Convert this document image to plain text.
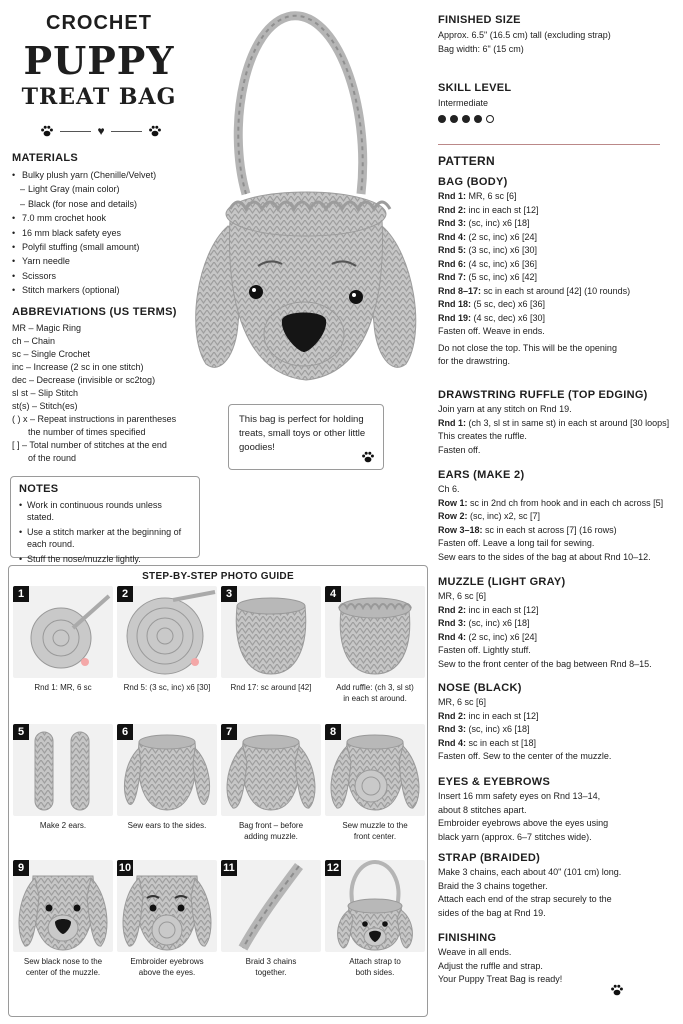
CROCHET
PUPPY
TREAT BAG
♥
MATERIALS
• Bulky plush yarn (Chenille/Velvet)
– Light Gray (main color)
– Black (for nose and details)
• 7.0 mm crochet hook
• 16 mm black safety eyes
• Polyfil stuffing (small amount)
• Yarn needle
• Scissors
• Stitch markers (optional)
ABBREVIATIONS (US TERMS)
MR – Magic Ring
ch – Chain
sc – Single Crochet
inc – Increase (2 sc in one stitch)
dec – Decrease (invisible or sc2tog)
sl st – Slip Stitch
st(s) – Stitch(es)
( ) x – Repeat instructions in parentheses
the number of times specified
[ ] – Total number of stitches at the end
of the round
NOTES
• Work in continuous rounds unless stated.
• Use a stitch marker at the beginning of each round.
• Stuff the nose/muzzle lightly.
This bag is perfect for holding treats, small toys or other little goodies!
FINISHED SIZE
Approx. 6.5" (16.5 cm) tall (excluding strap)
Bag width: 6" (15 cm)
SKILL LEVEL
Intermediate
PATTERN
BAG (BODY)
Rnd 1: MR, 6 sc [6]
Rnd 2: inc in each st [12]
Rnd 3: (sc, inc) x6 [18]
Rnd 4: (2 sc, inc) x6 [24]
Rnd 5: (3 sc, inc) x6 [30]
Rnd 6: (4 sc, inc) x6 [36]
Rnd 7: (5 sc, inc) x6 [42]
Rnd 8–17: sc in each st around [42] (10 rounds)
Rnd 18: (5 sc, dec) x6 [36]
Rnd 19: (4 sc, dec) x6 [30]
Fasten off. Weave in ends.
Do not close the top. This will be the opening
for the drawstring.
DRAWSTRING RUFFLE (TOP EDGING)
Join yarn at any stitch on Rnd 19.
Rnd 1: (ch 3, sl st in same st) in each st around [30 loops]
This creates the ruffle.
Fasten off.
EARS (MAKE 2)
Ch 6.
Row 1: sc in 2nd ch from hook and in each ch across [5]
Row 2: (sc, inc) x2, sc [7]
Row 3–18: sc in each st across [7] (16 rows)
Fasten off. Leave a long tail for sewing.
Sew ears to the sides of the bag at about Rnd 10–12.
MUZZLE (LIGHT GRAY)
MR, 6 sc [6]
Rnd 2: inc in each st [12]
Rnd 3: (sc, inc) x6 [18]
Rnd 4: (2 sc, inc) x6 [24]
Fasten off. Lightly stuff.
Sew to the front center of the bag between Rnd 8–15.
NOSE (BLACK)
MR, 6 sc [6]
Rnd 2: inc in each st [12]
Rnd 3: (sc, inc) x6 [18]
Rnd 4: sc in each st [18]
Fasten off. Sew to the center of the muzzle.
EYES & EYEBROWS
Insert 16 mm safety eyes on Rnd 13–14,
about 8 stitches apart.
Embroider eyebrows above the eyes using
black yarn (approx. 6–7 stitches wide).
STRAP (BRAIDED)
Make 3 chains, each about 40" (101 cm) long.
Braid the 3 chains together.
Attach each end of the strap securely to the
sides of the bag at Rnd 19.
FINISHING
Weave in all ends.
Adjust the ruffle and strap.
Your Puppy Treat Bag is ready!
STEP-BY-STEP PHOTO GUIDE
1
Rnd 1: MR, 6 sc
2
Rnd 5: (3 sc, inc) x6 [30]
3
Rnd 17: sc around [42]
4
Add ruffle: (ch 3, sl st)
in each st around.
5
Make 2 ears.
6
Sew ears to the sides.
7
Bag front – before
adding muzzle.
8
Sew muzzle to the
front center.
9
Sew black nose to the
center of the muzzle.
10
Embroider eyebrows
above the eyes.
11
Braid 3 chains
together.
12
Attach strap to
both sides.
